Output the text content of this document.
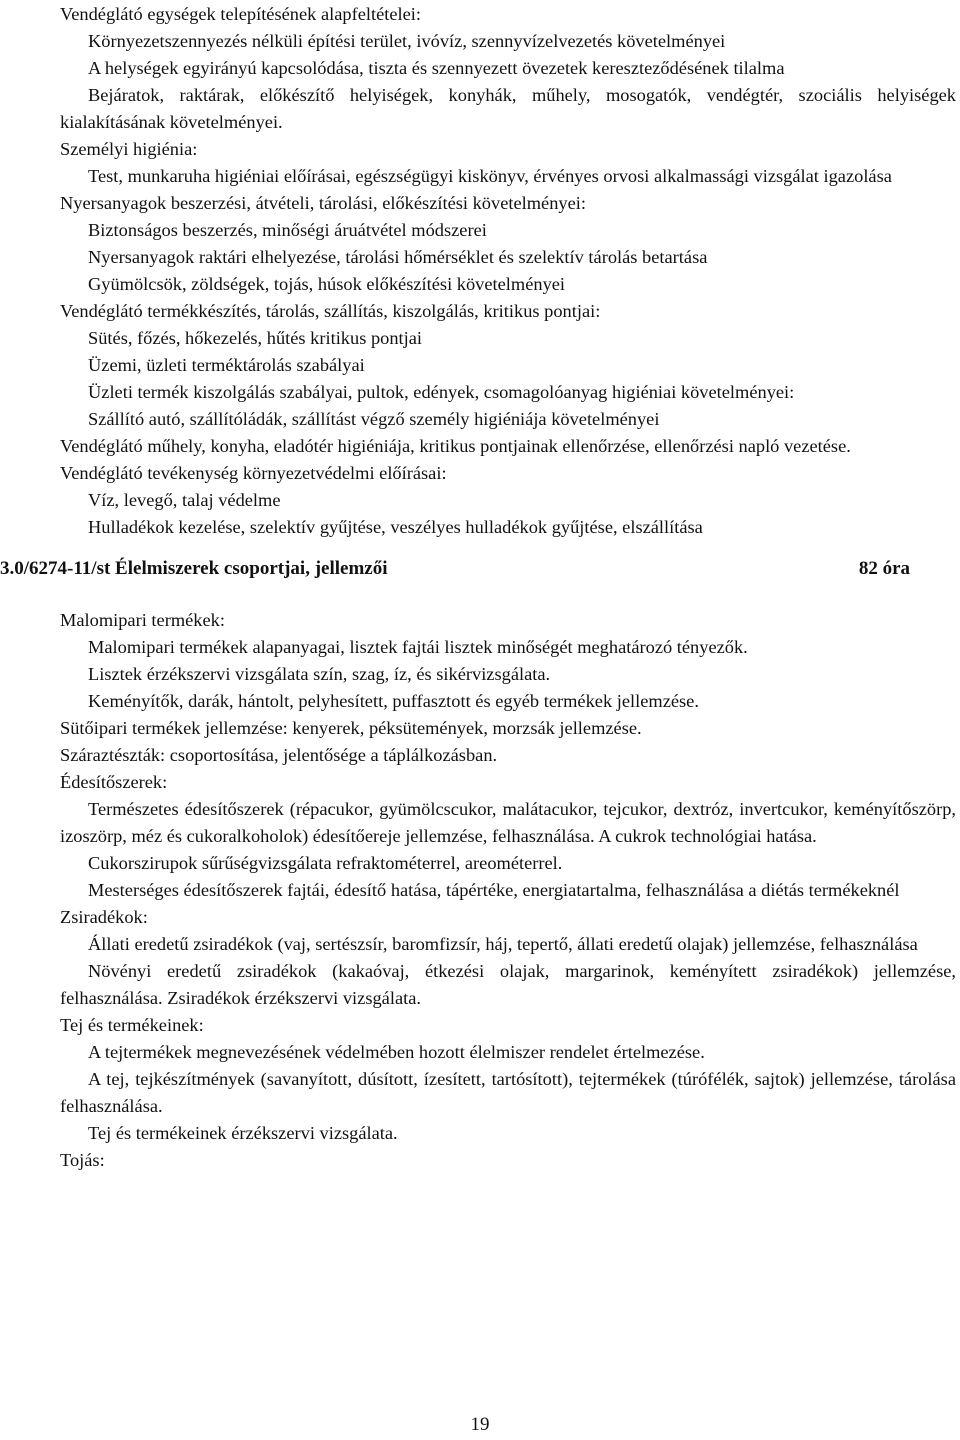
Vendéglátó egységek telepítésének alapfeltételei:

Környezetszennyezés nélküli építési terület, ivóvíz, szennyvízelvezetés követelményei

A helységek egyirányú kapcsolódása, tiszta és szennyezett övezetek kereszteződésének tilalma

Bejáratok, raktárak, előkészítő helyiségek, konyhák, műhely, mosogatók, vendégtér, szociális helyiségek kialakításának követelményei.

Személyi higiénia:

Test, munkaruha higiéniai előírásai, egészségügyi kiskönyv, érvényes orvosi alkalmassági vizsgálat igazolása

Nyersanyagok beszerzési, átvételi, tárolási, előkészítési követelményei:

Biztonságos beszerzés, minőségi áruátvétel módszerei

Nyersanyagok raktári elhelyezése, tárolási hőmérséklet és szelektív tárolás betartása

Gyümölcsök, zöldségek, tojás, húsok előkészítési követelményei

Vendéglátó termékkészítés, tárolás, szállítás, kiszolgálás, kritikus pontjai:

Sütés, főzés, hőkezelés, hűtés kritikus pontjai

Üzemi, üzleti terméktárolás szabályai

Üzleti termék kiszolgálás szabályai, pultok, edények, csomagolóanyag higiéniai követelményei:

Szállító autó, szállítóládák, szállítást végző személy higiéniája követelményei

Vendéglátó műhely, konyha, eladótér higiéniája, kritikus pontjainak ellenőrzése, ellenőrzési napló vezetése.

Vendéglátó tevékenység környezetvédelmi előírásai:

Víz, levegő, talaj védelme

Hulladékok kezelése, szelektív gyűjtése, veszélyes hulladékok gyűjtése, elszállítása

3.0/6274-11/st Élelmiszerek csoportjai, jellemzői	82 óra

Malomipari termékek:

Malomipari termékek alapanyagai, lisztek fajtái lisztek minőségét meghatározó tényezők.

Lisztek érzékszervi vizsgálata szín, szag, íz, és sikérvizsgálata.

Keményítők, darák, hántolt, pelyhesített, puffasztott és egyéb termékek jellemzése.

Sütőipari termékek jellemzése: kenyerek, péksütemények, morzsák jellemzése.

Száraztészták: csoportosítása, jelentősége a táplálkozásban.

Édesítőszerek:

Természetes édesítőszerek (répacukor, gyümölcscukor, malátacukor, tejcukor, dextróz, invertcukor, keményítőszörp, izoszörp, méz és cukoralkoholok) édesítőereje jellemzése, felhasználása. A cukrok technológiai hatása.

Cukorszirupok sűrűségvizsgálata refraktométerrel, areométerrel.

Mesterséges édesítőszerek fajtái, édesítő hatása, tápértéke, energiatartalma, felhasználása a diétás termékeknél

Zsiradékok:

Állati eredetű zsiradékok (vaj, sertészsír, baromfizsír, háj, tepertő, állati eredetű olajak) jellemzése, felhasználása

Növényi eredetű zsiradékok (kakaóvaj, étkezési olajak, margarinok, keményített zsiradékok) jellemzése, felhasználása. Zsiradékok érzékszervi vizsgálata.

Tej és termékeinek:

A tejtermékek megnevezésének védelmében hozott élelmiszer rendelet értelmezése.

A tej, tejkészítmények (savanyított, dúsított, ízesített, tartósított), tejtermékek (túrófélék, sajtok) jellemzése, tárolása felhasználása.

Tej és termékeinek érzékszervi vizsgálata.

Tojás:

19
